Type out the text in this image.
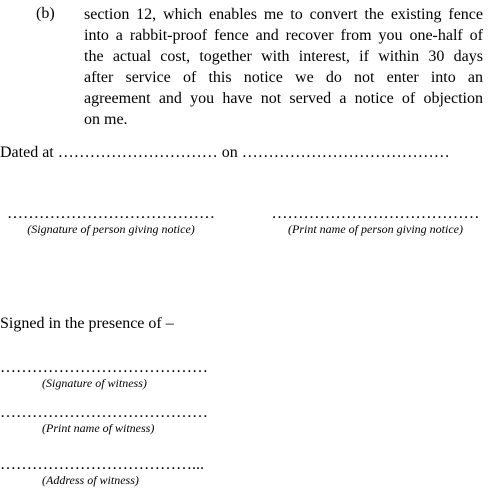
(b) section 12, which enables me to convert the existing fence
into a rabbit-proof fence and recover from you one-half of
the actual cost, together with interest, if within 30 days
after service of this notice we do not enter into an
agreement and you have not served a notice of objection
on me.
Dated at ………………………… on …………………………………
…………………………………
(Signature of person giving notice)
…………………………………
(Print name of person giving notice)
Signed in the presence of –
…………………………………
(Signature of witness)
…………………………………
(Print name of witness)
………………………………...
(Address of witness)
